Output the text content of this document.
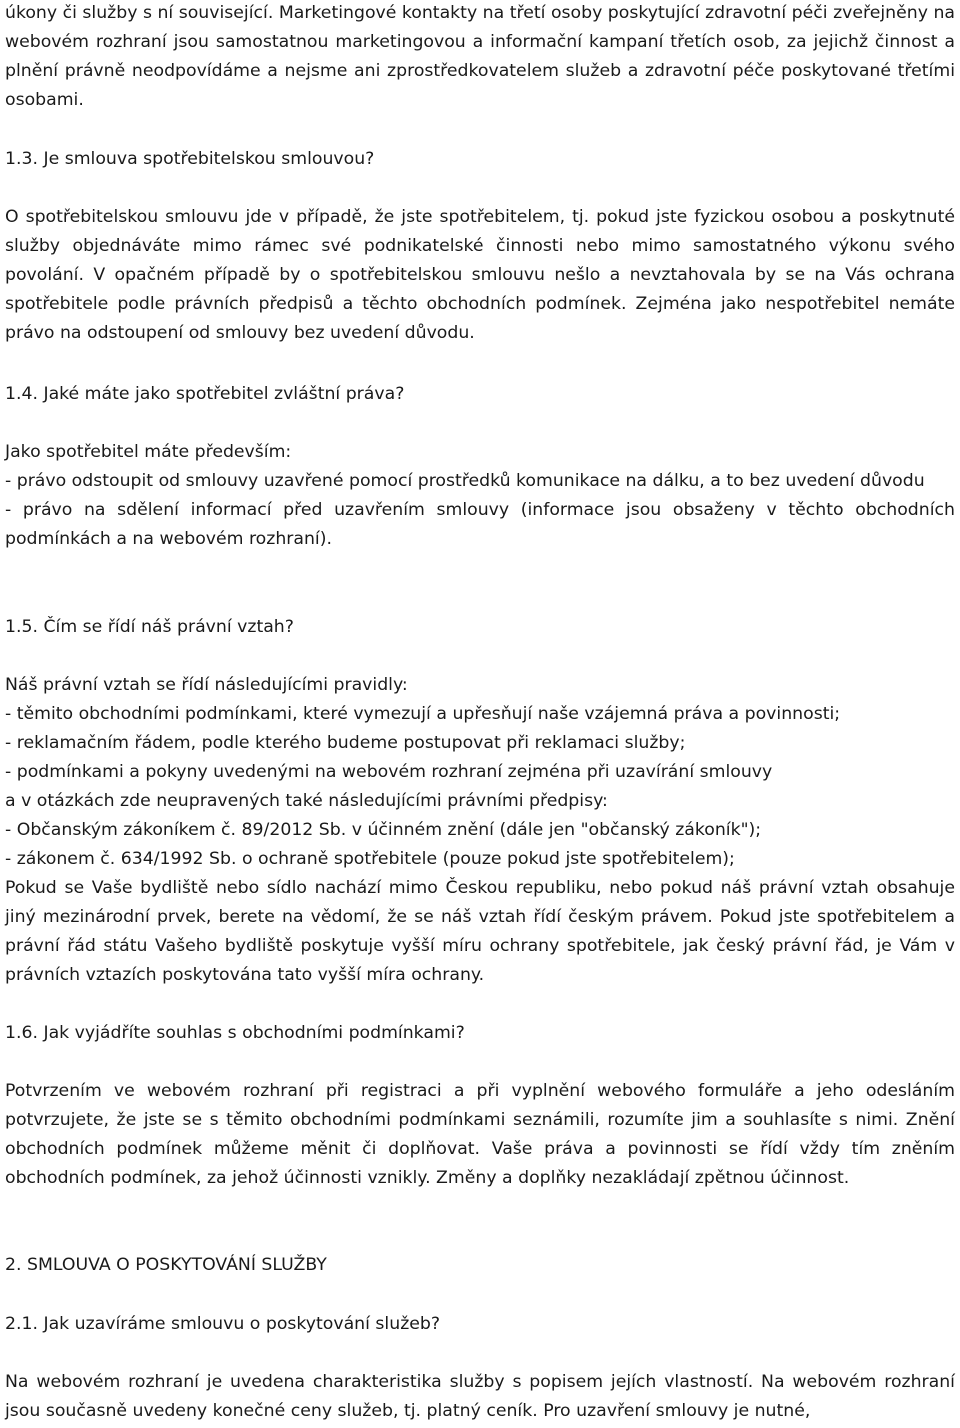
úkony či služby s ní související. Marketingové kontakty na třetí osoby poskytující zdravotní péči zveřejněny na webovém rozhraní jsou samostatnou marketingovou a informační kampaní třetích osob, za jejichž činnost a plnění právně neodpovídáme a nejsme ani zprostředkovatelem služeb a zdravotní péče poskytované třetími osobami.
1.3. Je smlouva spotřebitelskou smlouvou?
O spotřebitelskou smlouvu jde v případě, že jste spotřebitelem, tj. pokud jste fyzickou osobou a poskytnuté služby objednáváte mimo rámec své podnikatelské činnosti nebo mimo samostatného výkonu svého povolání. V opačném případě by o spotřebitelskou smlouvu nešlo a nevztahovala by se na Vás ochrana spotřebitele podle právních předpisů a těchto obchodních podmínek. Zejména jako nespotřebitel nemáte právo na odstoupení od smlouvy bez uvedení důvodu.
1.4. Jaké máte jako spotřebitel zvláštní práva?
Jako spotřebitel máte především:
- právo odstoupit od smlouvy uzavřené pomocí prostředků komunikace na dálku, a to bez uvedení důvodu
- právo na sdělení informací před uzavřením smlouvy (informace jsou obsaženy v těchto obchodních podmínkách a na webovém rozhraní).
1.5. Čím se řídí náš právní vztah?
Náš právní vztah se řídí následujícími pravidly:
- těmito obchodními podmínkami, které vymezují a upřesňují naše vzájemná práva a povinnosti;
- reklamačním řádem, podle kterého budeme postupovat při reklamaci služby;
- podmínkami a pokyny uvedenými na webovém rozhraní zejména při uzavírání smlouvy
a v otázkách zde neupravených také následujícími právními předpisy:
- Občanským zákoníkem č. 89/2012 Sb. v účinném znění (dále jen "občanský zákoník");
- zákonem č. 634/1992 Sb. o ochraně spotřebitele (pouze pokud jste spotřebitelem);
Pokud se Vaše bydliště nebo sídlo nachází mimo Českou republiku, nebo pokud náš právní vztah obsahuje jiný mezinárodní prvek, berete na vědomí, že se náš vztah řídí českým právem. Pokud jste spotřebitelem a právní řád státu Vašeho bydliště poskytuje vyšší míru ochrany spotřebitele, jak český právní řád, je Vám v právních vztazích poskytována tato vyšší míra ochrany.
1.6. Jak vyjádříte souhlas s obchodními podmínkami?
Potvrzením ve webovém rozhraní při registraci a při vyplnění webového formuláře a jeho odesláním potvrzujete, že jste se s těmito obchodními podmínkami seznámili, rozumíte jim a souhlasíte s nimi. Znění obchodních podmínek můžeme měnit či doplňovat. Vaše práva a povinnosti se řídí vždy tím zněním obchodních podmínek, za jehož účinnosti vznikly. Změny a doplňky nezakládají zpětnou účinnost.
2. SMLOUVA O POSKYTOVÁNÍ SLUŽBY
2.1. Jak uzavíráme smlouvu o poskytování služeb?
Na webovém rozhraní je uvedena charakteristika služby s popisem jejích vlastností. Na webovém rozhraní jsou současně uvedeny konečné ceny služeb, tj. platný ceník. Pro uzavření smlouvy je nutné,
